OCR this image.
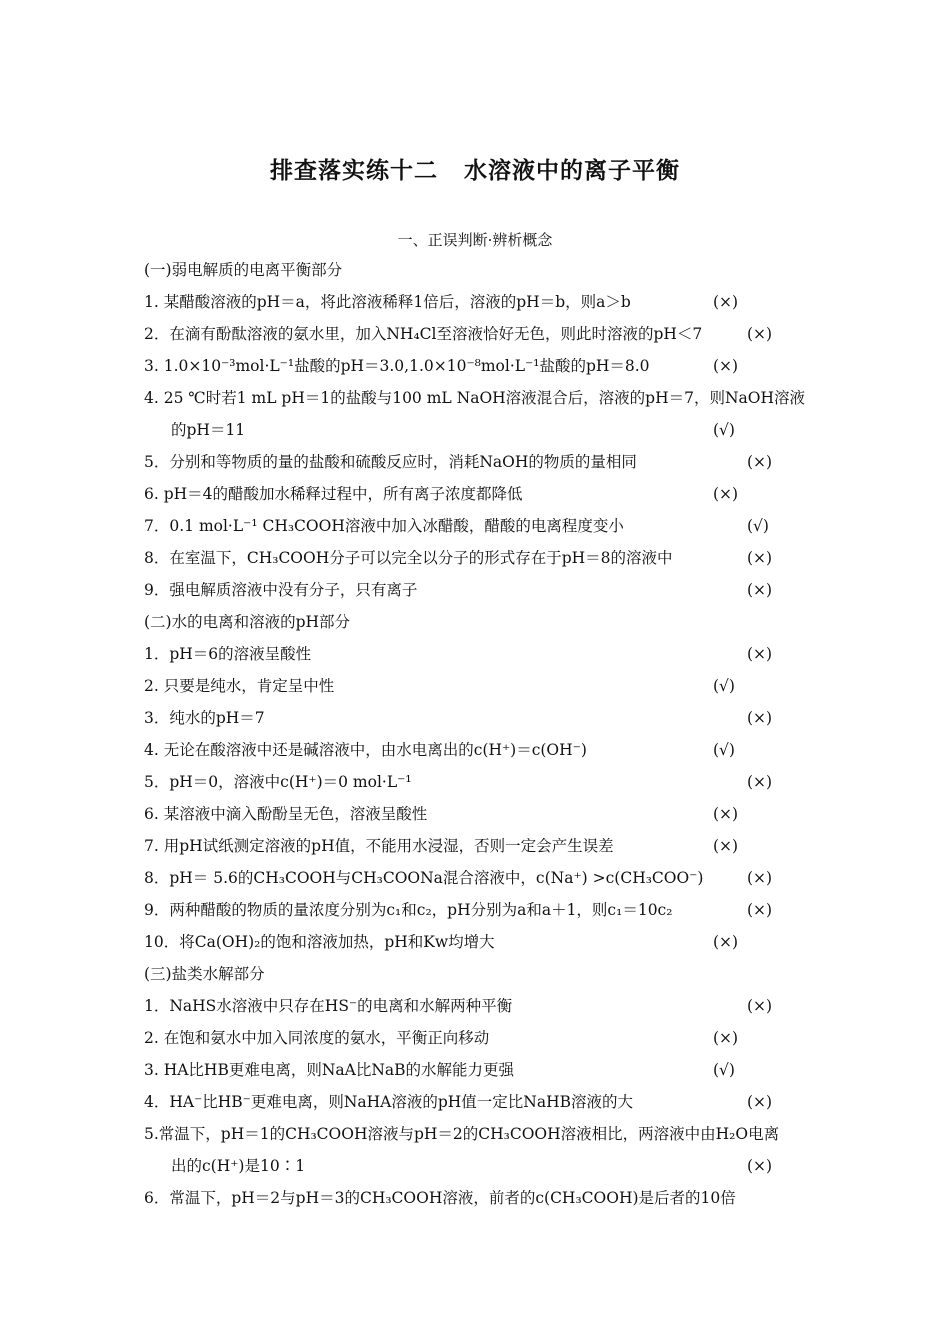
排查落实练十二 水溶液中的离子平衡
一、正误判断·辨析概念
(一)弱电解质的电离平衡部分
1. 某醋酸溶液的pH＝a，将此溶液稀释1倍后，溶液的pH＝b，则a＞b	(×)
2．在滴有酚酞溶液的氨水里，加入NH₄Cl至溶液恰好无色，则此时溶液的pH＜7	(×)
3. 1.0×10⁻³mol·L⁻¹盐酸的pH＝3.0,1.0×10⁻⁸mol·L⁻¹盐酸的pH＝8.0	(×)
4. 25 ℃时若1 mL pH＝1的盐酸与100 mL NaOH溶液混合后，溶液的pH＝7，则NaOH溶液
的pH＝11	(√)
5．分别和等物质的量的盐酸和硫酸反应时，消耗NaOH的物质的量相同	(×)
6. pH＝4的醋酸加水稀释过程中，所有离子浓度都降低	(×)
7．0.1 mol·L⁻¹ CH₃COOH溶液中加入冰醋酸，醋酸的电离程度变小	(√)
8．在室温下，CH₃COOH分子可以完全以分子的形式存在于pH＝8的溶液中	(×)
9．强电解质溶液中没有分子，只有离子	(×)
(二)水的电离和溶液的pH部分
1．pH＝6的溶液呈酸性	(×)
2. 只要是纯水，肯定呈中性	(√)
3．纯水的pH＝7	(×)
4. 无论在酸溶液中还是碱溶液中，由水电离出的c(H⁺)＝c(OH⁻)	(√)
5．pH＝0，溶液中c(H⁺)＝0 mol·L⁻¹	(×)
6. 某溶液中滴入酚酚呈无色，溶液呈酸性	(×)
7. 用pH试纸测定溶液的pH值，不能用水浸湿，否则一定会产生误差	(×)
8．pH＝ 5.6的CH₃COOH与CH₃COONa混合溶液中，c(Na⁺) >c(CH₃COO⁻)	(×)
9．两种醋酸的物质的量浓度分别为c₁和c₂，pH分别为a和a＋1，则c₁＝10c₂	(×)
10．将Ca(OH)₂的饱和溶液加热，pH和Kw均增大	(×)
(三)盐类水解部分
1．NaHS水溶液中只存在HS⁻的电离和水解两种平衡	(×)
2. 在饱和氨水中加入同浓度的氨水，平衡正向移动	(×)
3. HA比HB更难电离，则NaA比NaB的水解能力更强	(√)
4．HA⁻比HB⁻更难电离，则NaHA溶液的pH值一定比NaHB溶液的大	(×)
5.常温下，pH＝1的CH₃COOH溶液与pH＝2的CH₃COOH溶液相比，两溶液中由H₂O电离
出的c(H⁺)是10∶1	(×)
6．常温下，pH＝2与pH＝3的CH₃COOH溶液，前者的c(CH₃COOH)是后者的10倍
